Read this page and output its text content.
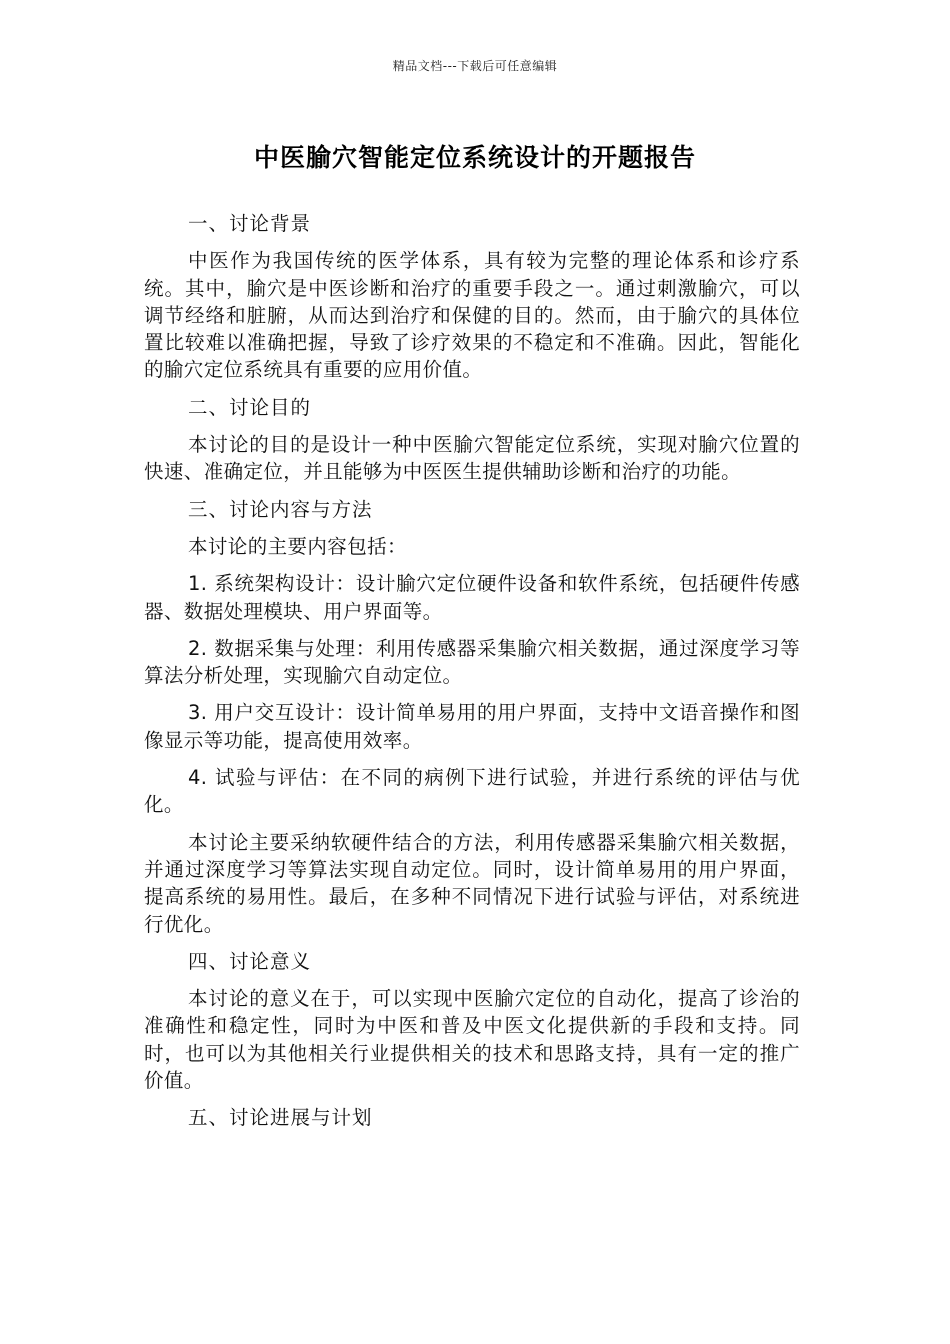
精品文档---下载后可任意编辑
中医腧穴智能定位系统设计的开题报告

一、讨论背景

中医作为我国传统的医学体系，具有较为完整的理论体系和诊疗系统。其中，腧穴是中医诊断和治疗的重要手段之一。通过刺激腧穴，可以调节经络和脏腑，从而达到治疗和保健的目的。然而，由于腧穴的具体位置比较难以准确把握，导致了诊疗效果的不稳定和不准确。因此，智能化的腧穴定位系统具有重要的应用价值。

二、讨论目的

本讨论的目的是设计一种中医腧穴智能定位系统，实现对腧穴位置的快速、准确定位，并且能够为中医医生提供辅助诊断和治疗的功能。

三、讨论内容与方法

本讨论的主要内容包括：

1. 系统架构设计：设计腧穴定位硬件设备和软件系统，包括硬件传感器、数据处理模块、用户界面等。

2. 数据采集与处理：利用传感器采集腧穴相关数据，通过深度学习等算法分析处理，实现腧穴自动定位。

3. 用户交互设计：设计简单易用的用户界面，支持中文语音操作和图像显示等功能，提高使用效率。

4. 试验与评估：在不同的病例下进行试验，并进行系统的评估与优化。

本讨论主要采纳软硬件结合的方法，利用传感器采集腧穴相关数据，并通过深度学习等算法实现自动定位。同时，设计简单易用的用户界面，提高系统的易用性。最后，在多种不同情况下进行试验与评估，对系统进行优化。

四、讨论意义

本讨论的意义在于，可以实现中医腧穴定位的自动化，提高了诊治的准确性和稳定性，同时为中医和普及中医文化提供新的手段和支持。同时，也可以为其他相关行业提供相关的技术和思路支持，具有一定的推广价值。

五、讨论进展与计划
